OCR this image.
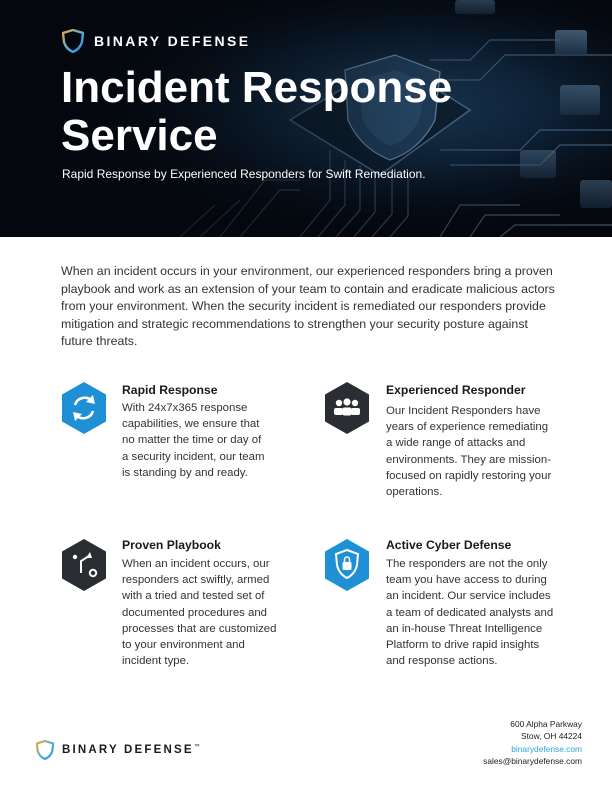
BINARY DEFENSE
Incident Response Service

Rapid Response by Experienced Responders for Swift Remediation.

When an incident occurs in your environment, our experienced responders bring a proven playbook and work as an extension of your team to contain and eradicate malicious actors from your environment. When the security incident is remediated our responders provide mitigation and strategic recommendations to strengthen your security posture against future threats.

Rapid Response
With 24x7x365 response capabilities, we ensure that no matter the time or day of a security incident, our team is standing by and ready.
Experienced Responder
Our Incident Responders have years of experience remediating a wide range of attacks and environments. They are mission-focused on rapidly restoring your operations.
Proven Playbook
When an incident occurs, our responders act swiftly, armed with a tried and tested set of documented procedures and processes that are customized to your environment and incident type.
Active Cyber Defense
The responders are not the only team you have access to during an incident. Our service includes a team of dedicated analysts and an in-house Threat Intelligence Platform to drive rapid insights and response actions.
BINARY DEFENSE™
600 Alpha Parkway
Stow, OH 44224
binarydefense.com
sales@binarydefense.com
